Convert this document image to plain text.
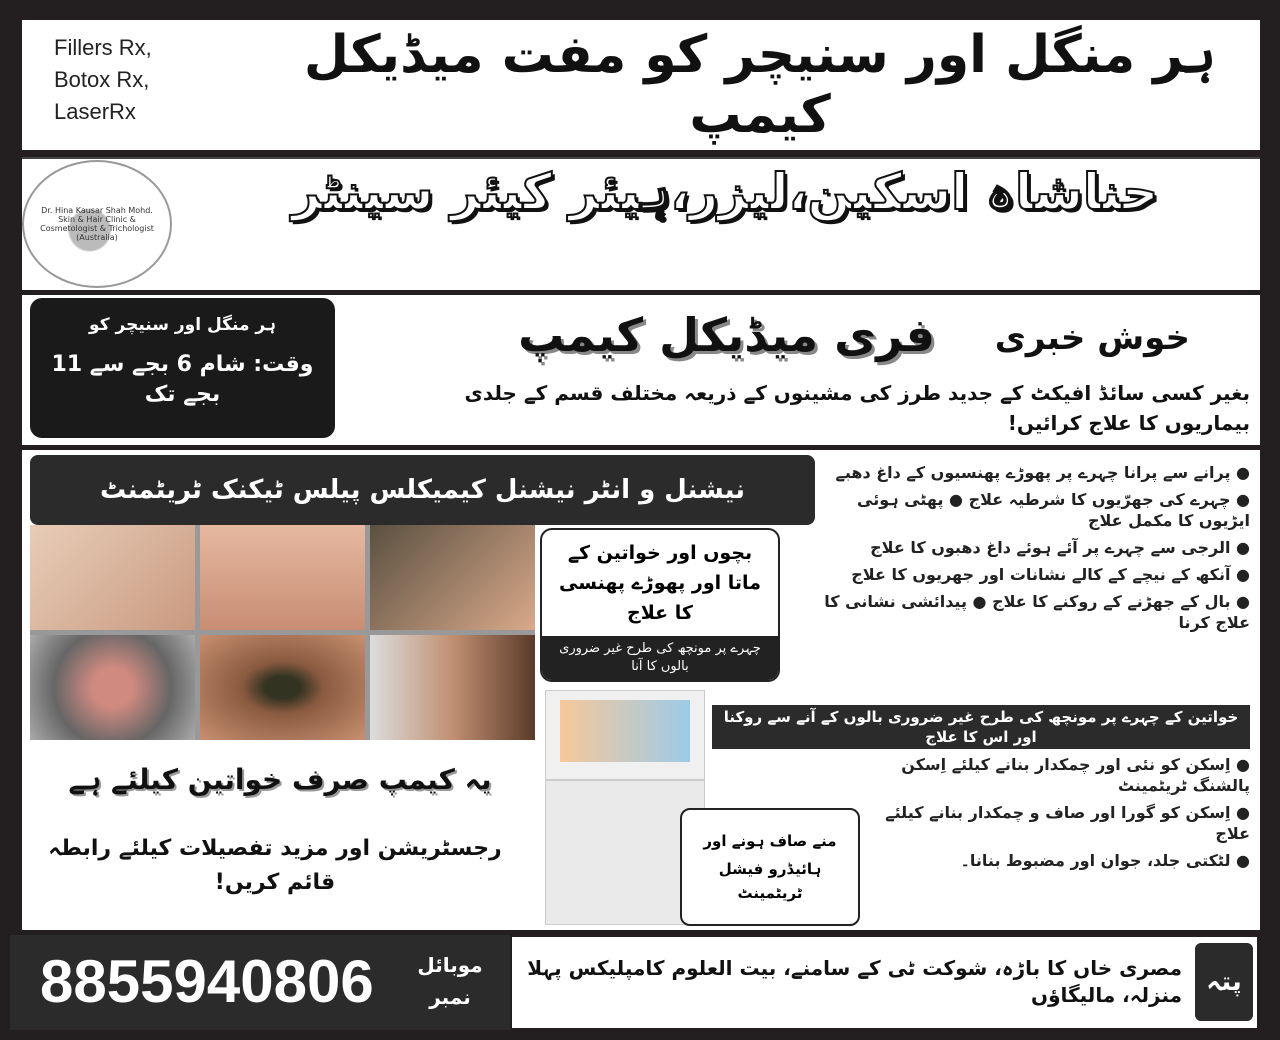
Fillers Rx,
Botox Rx,
LaserRx
ہر منگل اور سنیچر کو مفت میڈیکل کیمپ
Dr. Hina Kausar Shah Mohd. Skin & Hair Clinic & Cosmetologist & Trichologist (Australia)
حناشاہ اسکین،لیزر،ہیئر کیئر سینٹر
ہر منگل اور سنیچر کو
وقت: شام 6 بجے سے 11 بجے تک
خوش خبری
فری میڈیکل کیمپ
بغیر کسی سائڈ افیکٹ کے جدید طرز کی مشینوں کے ذریعہ مختلف قسم کے جلدی بیماریوں کا علاج کرائیں!
نیشنل و انٹر نیشنل کیمیکلس پیلس ٹیکنک ٹریٹمنٹ
● پرانے سے پرانا چہرے پر پھوڑے پھنسیوں کے داغ دھبے
● چہرے کی جھرّیوں کا شرطیہ علاج ● پھٹی ہوئی ایڑیوں کا مکمل علاج
● الرجی سے چہرے پر آئے ہوئے داغ دھبوں کا علاج
● آنکھ کے نیچے کے کالے نشانات اور جھریوں کا علاج
● بال کے جھڑنے کے روکنے کا علاج ● پیدائشی نشانی کا علاج کرنا
بچوں اور خواتین کے ماتا اور پھوڑے پھنسی کا علاج
چہرے پر مونچھ کی طرح غیر ضروری بالوں کا آنا
خواتین کے چہرے پر مونچھ کی طرح غیر ضروری بالوں کے آنے سے روکنا اور اس کا علاج
● اِسکن کو نئی اور چمکدار بنانے کیلئے اِسکن پالشنگ ٹریٹمینٹ
● اِسکن کو گورا اور صاف و چمکدار بنانے کیلئے علاج
● لٹکتی جلد، جوان اور مضبوط بنانا۔
منے صاف ہونے اور
ہائیڈرو فیشل ٹریٹمینٹ
یہ کیمپ صرف خواتین کیلئے ہے
رجسٹریشن اور مزید تفصیلات کیلئے رابطہ قائم کریں!
8855940806	موبائل نمبر	پتہ
مصری خاں کا باڑہ، شوکت ٹی کے سامنے، بیت العلوم کامپلیکس پہلا منزلہ، مالیگاؤں
